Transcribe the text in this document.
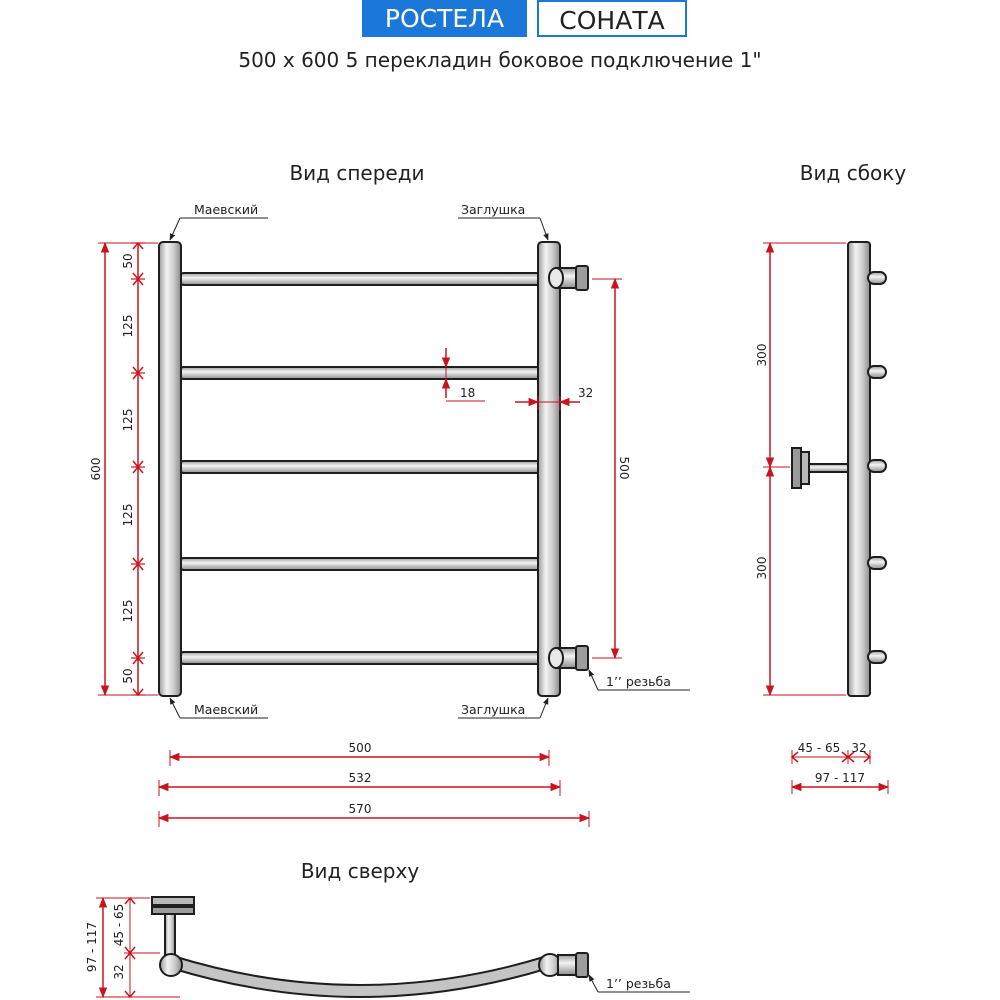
РОСТЕЛА	СОНАТА
500 x 600 5 перекладин боковое подключение 1"
Вид спереди	Вид сбоку
Вид сверху
Маевский	Заглушка
Маевский	Заглушка
1’’ резьба
600
50
125
125
125
125
50
500
18	32
500
532
570
300
300
45 - 65 32
97 - 117
1’’ резьба
97 - 117 45 - 65
32
